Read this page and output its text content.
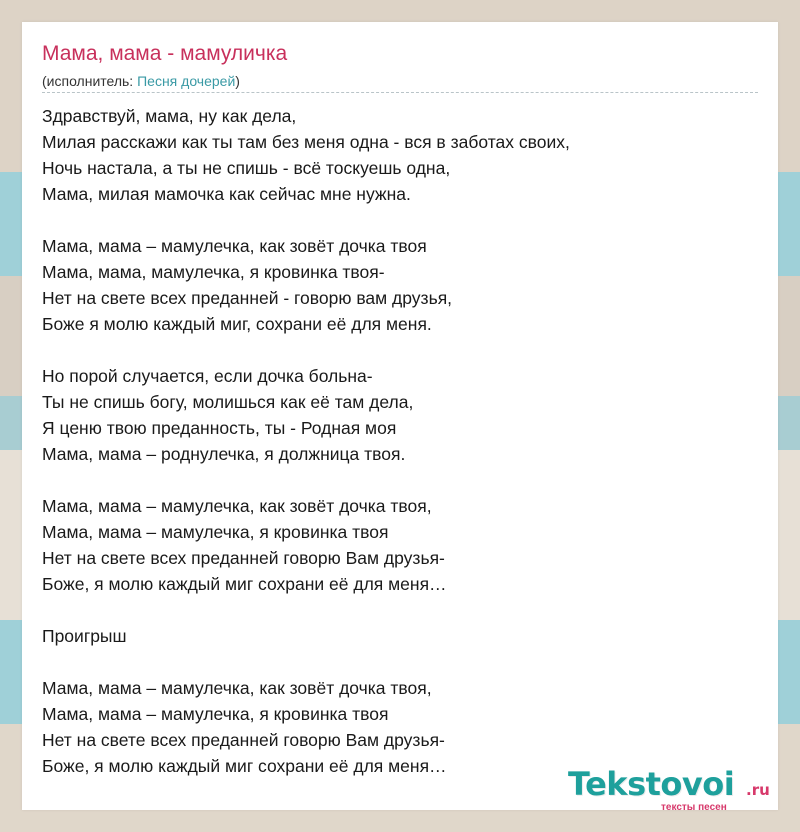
Мама, мама - мамуличка
(исполнитель: Песня дочерей)
Здравствуй, мама, ну как дела,
Милая расскажи как ты там без меня одна - вся в заботах своих,
Ночь настала, а ты не спишь - всё тоскуешь одна,
Мама, милая мамочка как сейчас мне нужна.
Мама, мама – мамулечка, как зовёт дочка твоя
Мама, мама, мамулечка, я кровинка твоя-
Нет на свете всех преданней - говорю вам друзья,
Боже я молю каждый миг, сохрани её для меня.
Но порой случается, если дочка больна-
Ты не спишь богу, молишься как её там дела,
Я ценю твою преданность, ты - Родная моя
Мама, мама – роднулечка, я должница твоя.
Мама, мама – мамулечка, как зовёт дочка твоя,
Мама, мама – мамулечка, я кровинка твоя
Нет на свете всех преданней говорю Вам друзья-
Боже, я молю каждый миг сохрани её для меня…
Проигрыш
Мама, мама – мамулечка, как зовёт дочка твоя,
Мама, мама – мамулечка, я кровинка твоя
Нет на свете всех преданней говорю Вам друзья-
Боже, я молю каждый миг сохрани её для меня…	Tekstovoi .ru
тексты песен
